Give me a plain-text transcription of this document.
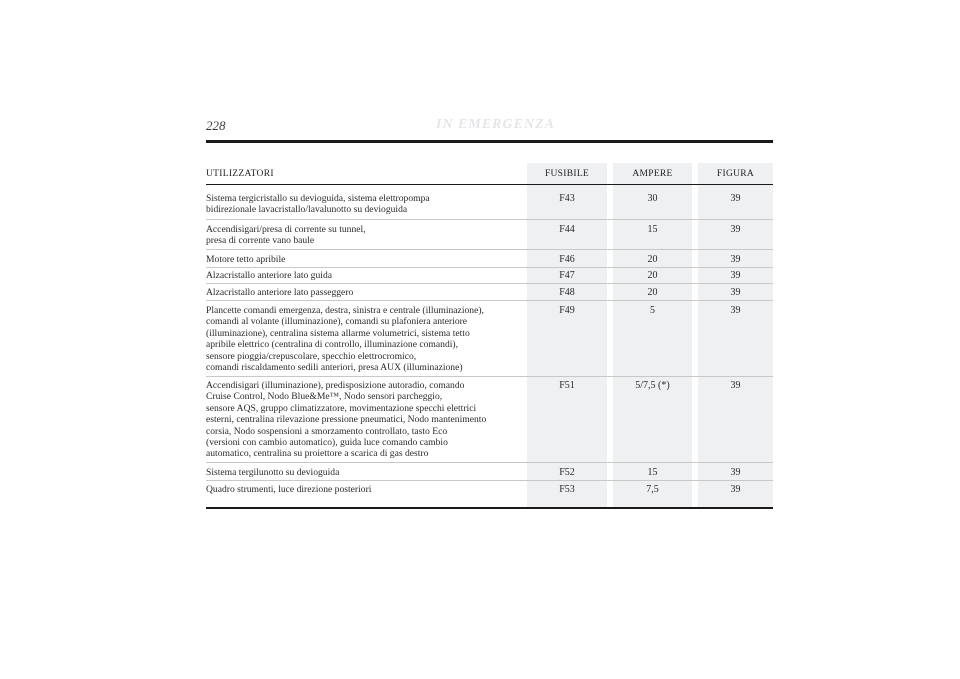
228	IN EMERGENZA
UTILIZZATORI	FUSIBILE	AMPERE	FIGURA
Sistema tergicristallo su devioguida, sistema elettropompa
bidirezionale lavacristallo/lavalunotto su devioguida
F43	30	39
Accendisigari/presa di corrente su tunnel,
presa di corrente vano baule
F44	15	39
Motore tetto apribile	F46	20	39
Alzacristallo anteriore lato guida	F47	20	39
Alzacristallo anteriore lato passeggero	F48	20	39
Plancette comandi emergenza, destra, sinistra e centrale (illuminazione),
comandi al volante (illuminazione), comandi su plafoniera anteriore
(illuminazione), centralina sistema allarme volumetrici, sistema tetto
apribile elettrico (centralina di controllo, illuminazione comandi),
sensore pioggia/crepuscolare, specchio elettrocromico,
comandi riscaldamento sedili anteriori, presa AUX (illuminazione)
F49	5	39
Accendisigari (illuminazione), predisposizione autoradio, comando
Cruise Control, Nodo Blue&Me™, Nodo sensori parcheggio,
sensore AQS, gruppo climatizzatore, movimentazione specchi elettrici
esterni, centralina rilevazione pressione pneumatici, Nodo mantenimento
corsia, Nodo sospensioni a smorzamento controllato, tasto Eco
(versioni con cambio automatico), guida luce comando cambio
automatico, centralina su proiettore a scarica di gas destro
F51	5/7,5 (*)	39
Sistema tergilunotto su devioguida	F52	15	39
Quadro strumenti, luce direzione posteriori	F53	7,5	39
